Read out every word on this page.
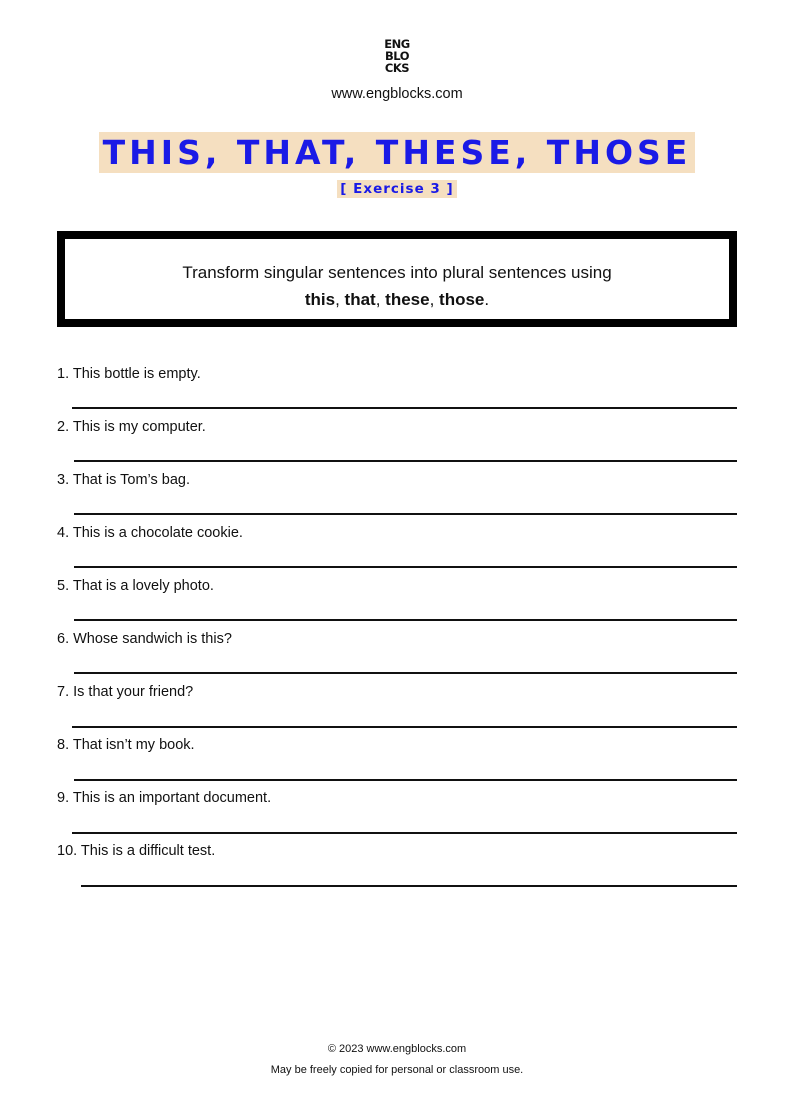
ENG
BLO
CKS
www.engblocks.com
THIS, THAT, THESE, THOSE
[ Exercise 3 ]
Transform singular sentences into plural sentences using
this, that, these, those.
1. This bottle is empty.
2. This is my computer.
3. That is Tom’s bag.
4. This is a chocolate cookie.
5. That is a lovely photo.
6. Whose sandwich is this?
7. Is that your friend?
8. That isn’t my book.
9. This is an important document.
10. This is a difficult test.
© 2023 www.engblocks.com
May be freely copied for personal or classroom use.
